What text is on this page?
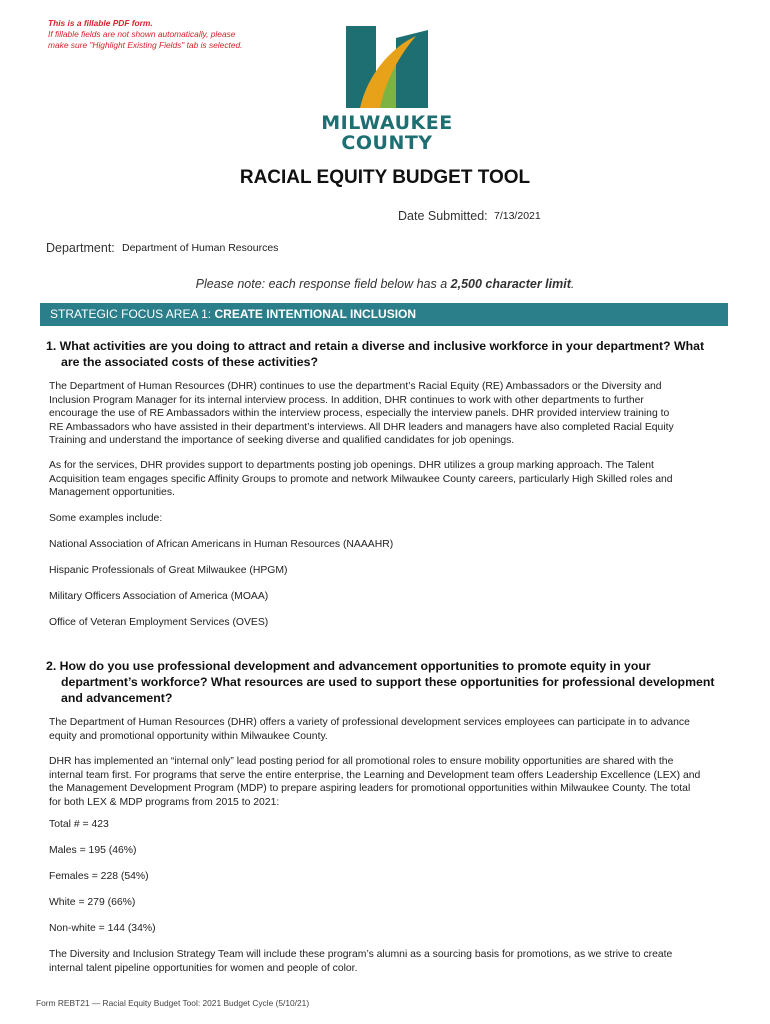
This is a fillable PDF form.
If fillable fields are not shown automatically, please
make sure "Highlight Existing Fields" tab is selected.
MILWAUKEE
COUNTY
RACIAL EQUITY BUDGET TOOL
Date Submitted: 7/13/2021
Department: Department of Human Resources
Please note: each response field below has a 2,500 character limit.
STRATEGIC FOCUS AREA 1: CREATE INTENTIONAL INCLUSION
1. What activities are you doing to attract and retain a diverse and inclusive workforce in your department? What
are the associated costs of these activities?
The Department of Human Resources (DHR) continues to use the department’s Racial Equity (RE) Ambassadors or the Diversity and
Inclusion Program Manager for its internal interview process. In addition, DHR continues to work with other departments to further
encourage the use of RE Ambassadors within the interview process, especially the interview panels. DHR provided interview training to
RE Ambassadors who have assisted in their department’s interviews. All DHR leaders and managers have also completed Racial Equity
Training and understand the importance of seeking diverse and qualified candidates for job openings.
As for the services, DHR provides support to departments posting job openings. DHR utilizes a group marking approach. The Talent
Acquisition team engages specific Affinity Groups to promote and network Milwaukee County careers, particularly High Skilled roles and
Management opportunities.
Some examples include:
National Association of African Americans in Human Resources (NAAAHR)
Hispanic Professionals of Great Milwaukee (HPGM)
Military Officers Association of America (MOAA)
Office of Veteran Employment Services (OVES)
2. How do you use professional development and advancement opportunities to promote equity in your
department’s workforce? What resources are used to support these opportunities for professional development
and advancement?
The Department of Human Resources (DHR) offers a variety of professional development services employees can participate in to advance
equity and promotional opportunity within Milwaukee County.
DHR has implemented an “internal only” lead posting period for all promotional roles to ensure mobility opportunities are shared with the
internal team first. For programs that serve the entire enterprise, the Learning and Development team offers Leadership Excellence (LEX) and
the Management Development Program (MDP) to prepare aspiring leaders for promotional opportunities within Milwaukee County. The total
for both LEX & MDP programs from 2015 to 2021:
Total # = 423
Males = 195 (46%)
Females = 228 (54%)
White = 279 (66%)
Non-white = 144 (34%)
The Diversity and Inclusion Strategy Team will include these program’s alumni as a sourcing basis for promotions, as we strive to create
internal talent pipeline opportunities for women and people of color.
Form REBT21 — Racial Equity Budget Tool: 2021 Budget Cycle (5/10/21)
